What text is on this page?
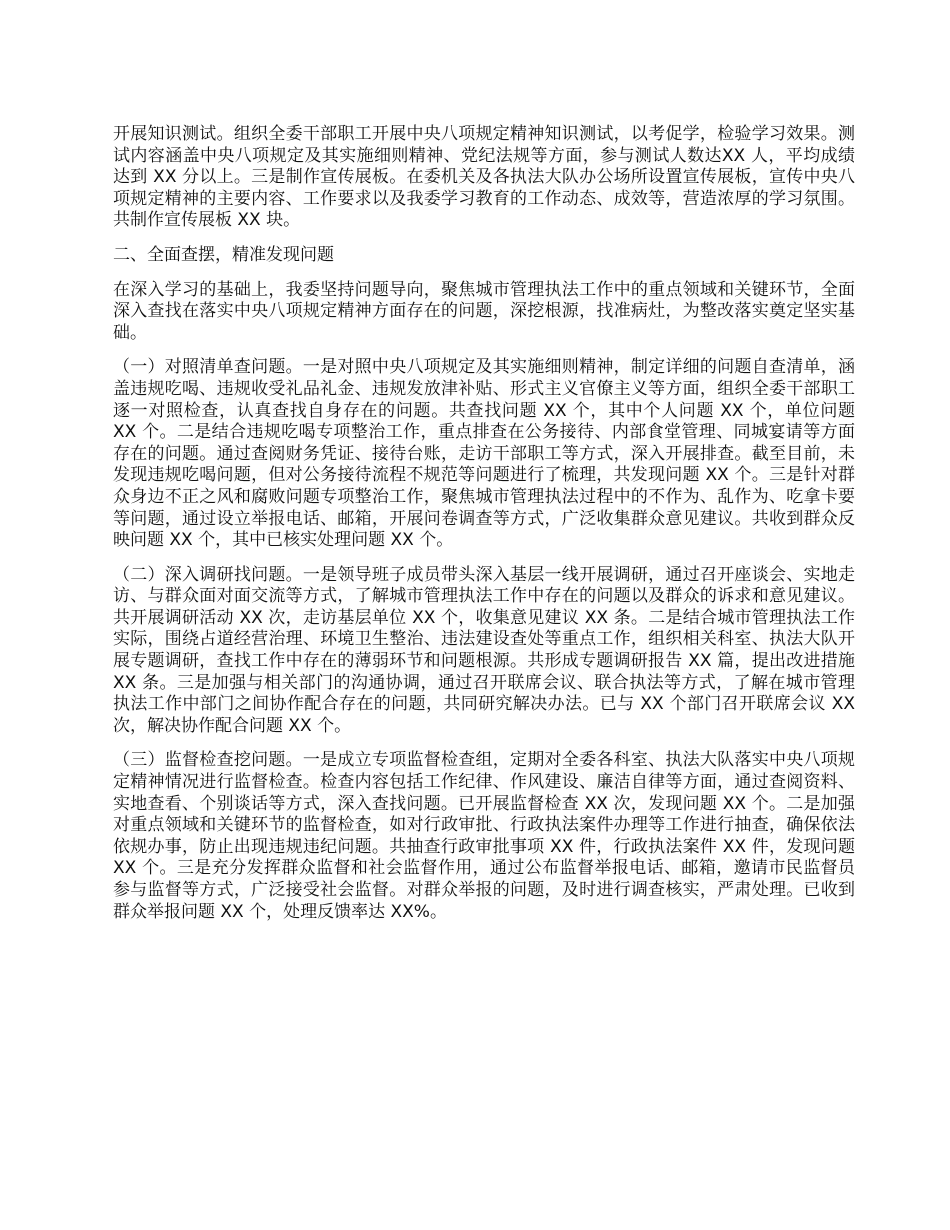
开展知识测试。组织全委干部职工开展中央八项规定精神知识测试，以考促学，检验学习效果。测试内容涵盖中央八项规定及其实施细则精神、党纪法规等方面，参与测试人数达XX 人，平均成绩达到 XX 分以上。三是制作宣传展板。在委机关及各执法大队办公场所设置宣传展板，宣传中央八项规定精神的主要内容、工作要求以及我委学习教育的工作动态、成效等，营造浓厚的学习氛围。共制作宣传展板 XX 块。

二、全面查摆，精准发现问题

在深入学习的基础上，我委坚持问题导向，聚焦城市管理执法工作中的重点领域和关键环节，全面深入查找在落实中央八项规定精神方面存在的问题，深挖根源，找准病灶，为整改落实奠定坚实基础。

（一）对照清单查问题。一是对照中央八项规定及其实施细则精神，制定详细的问题自查清单，涵盖违规吃喝、违规收受礼品礼金、违规发放津补贴、形式主义官僚主义等方面，组织全委干部职工逐一对照检查，认真查找自身存在的问题。共查找问题 XX 个，其中个人问题 XX 个，单位问题 XX 个。二是结合违规吃喝专项整治工作，重点排查在公务接待、内部食堂管理、同城宴请等方面存在的问题。通过查阅财务凭证、接待台账，走访干部职工等方式，深入开展排查。截至目前，未发现违规吃喝问题，但对公务接待流程不规范等问题进行了梳理，共发现问题 XX 个。三是针对群众身边不正之风和腐败问题专项整治工作，聚焦城市管理执法过程中的不作为、乱作为、吃拿卡要等问题，通过设立举报电话、邮箱，开展问卷调查等方式，广泛收集群众意见建议。共收到群众反映问题 XX 个，其中已核实处理问题 XX 个。

（二）深入调研找问题。一是领导班子成员带头深入基层一线开展调研，通过召开座谈会、实地走访、与群众面对面交流等方式，了解城市管理执法工作中存在的问题以及群众的诉求和意见建议。共开展调研活动 XX 次，走访基层单位 XX 个，收集意见建议 XX 条。二是结合城市管理执法工作实际，围绕占道经营治理、环境卫生整治、违法建设查处等重点工作，组织相关科室、执法大队开展专题调研，查找工作中存在的薄弱环节和问题根源。共形成专题调研报告 XX 篇，提出改进措施 XX 条。三是加强与相关部门的沟通协调，通过召开联席会议、联合执法等方式，了解在城市管理执法工作中部门之间协作配合存在的问题，共同研究解决办法。已与 XX 个部门召开联席会议 XX 次，解决协作配合问题 XX 个。

（三）监督检查挖问题。一是成立专项监督检查组，定期对全委各科室、执法大队落实中央八项规定精神情况进行监督检查。检查内容包括工作纪律、作风建设、廉洁自律等方面，通过查阅资料、实地查看、个别谈话等方式，深入查找问题。已开展监督检查 XX 次，发现问题 XX 个。二是加强对重点领域和关键环节的监督检查，如对行政审批、行政执法案件办理等工作进行抽查，确保依法依规办事，防止出现违规违纪问题。共抽查行政审批事项 XX 件，行政执法案件 XX 件，发现问题 XX 个。三是充分发挥群众监督和社会监督作用，通过公布监督举报电话、邮箱，邀请市民监督员参与监督等方式，广泛接受社会监督。对群众举报的问题，及时进行调查核实，严肃处理。已收到群众举报问题 XX 个，处理反馈率达 XX%。
